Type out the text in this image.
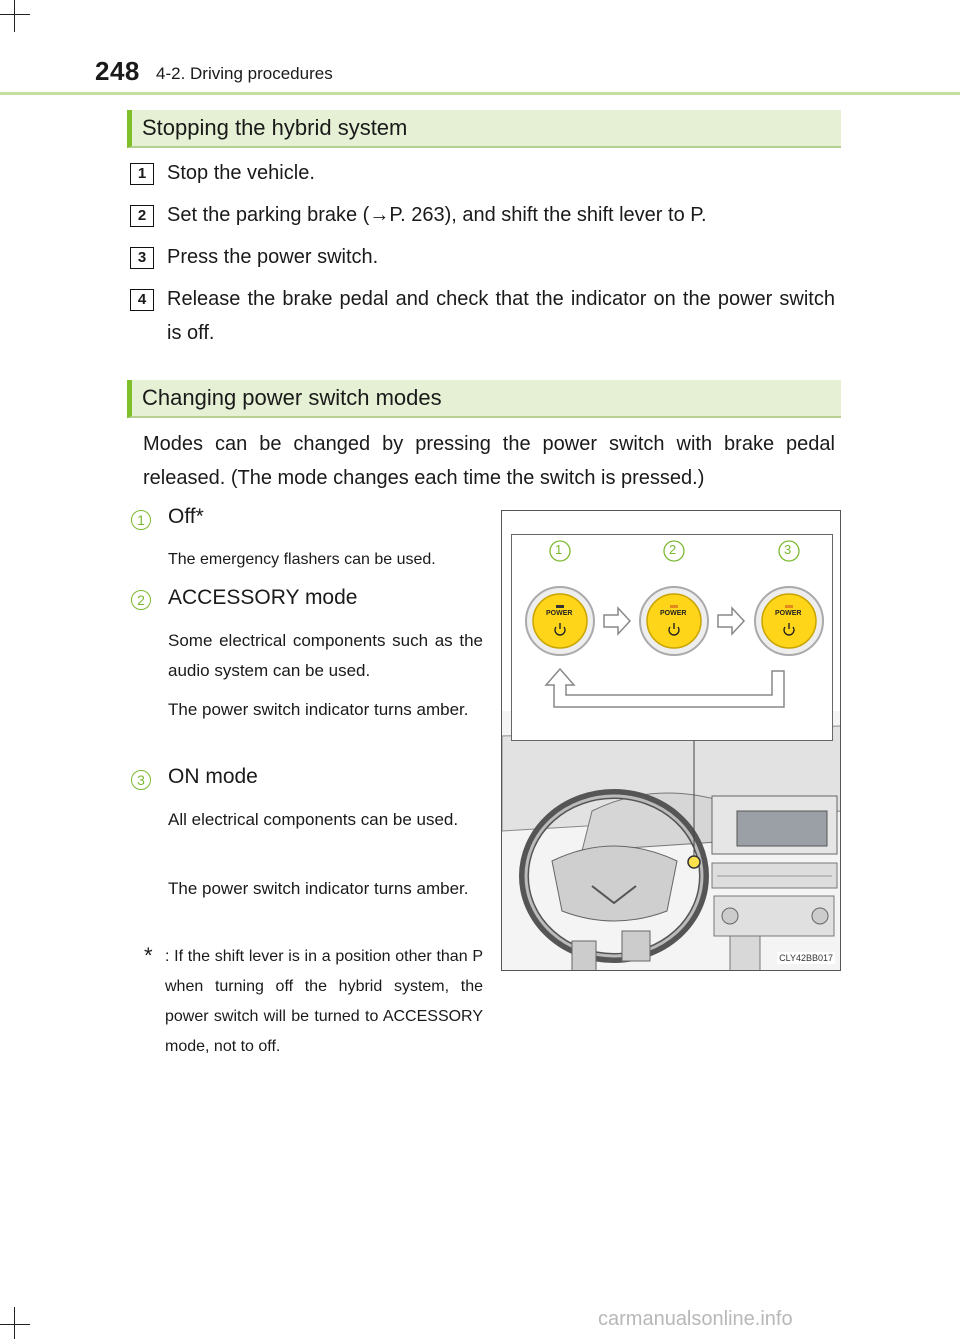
248 4-2. Driving procedures
Stopping the hybrid system
1	Stop the vehicle.
2	Set the parking brake (→P. 263), and shift the shift lever to P.
3	Press the power switch.
4	Release the brake pedal and check that the indicator on the power switch is off.
Changing power switch modes
Modes can be changed by pressing the power switch with brake pedal released. (The mode changes each time the switch is pressed.)
1 Off*
The emergency flashers can be used.
2 ACCESSORY mode
Some electrical components such as the audio system can be used.
The power switch indicator turns amber.
3 ON mode
All electrical components can be used.
The power switch indicator turns amber.
* : If the shift lever is in a position other than P when turning off the hybrid system, the power switch will be turned to ACCESSORY mode, not to off.
1	2	3
POWER	POWER	POWER
CLY42BB017
carmanualsonline.info
